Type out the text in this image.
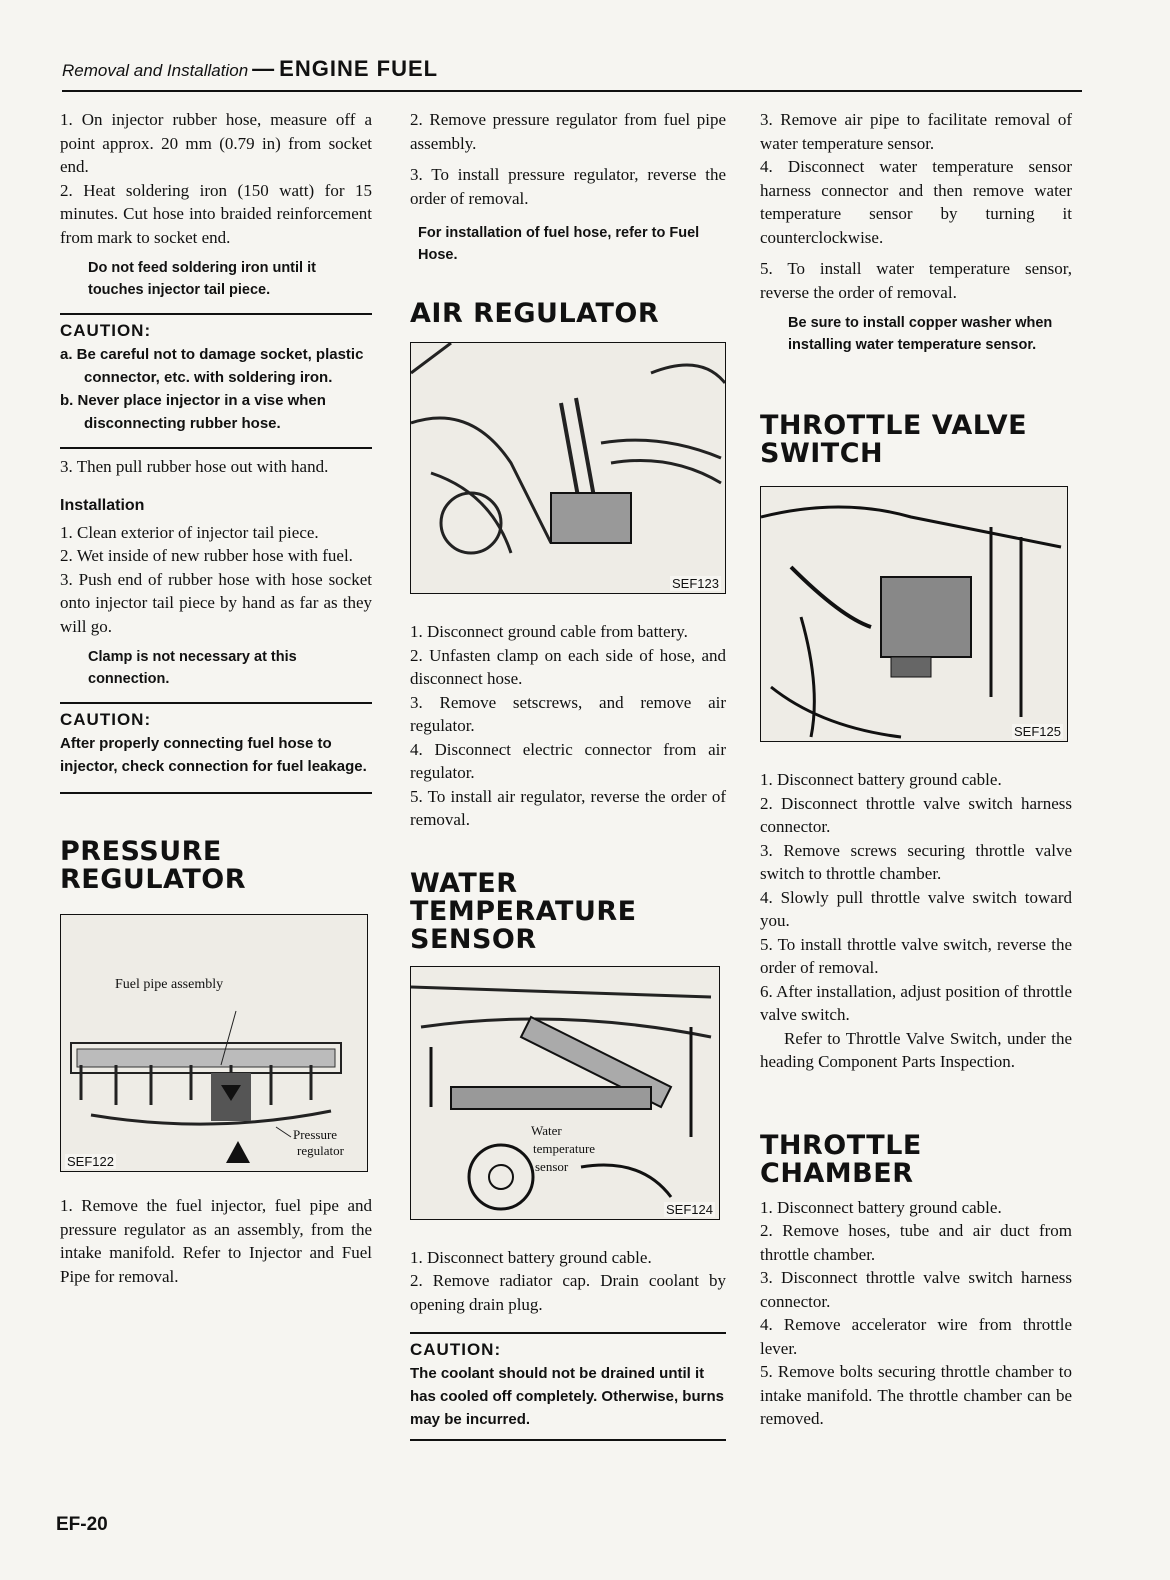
Removal and Installation — ENGINE FUEL

1. On injector rubber hose, measure off a point approx. 20 mm (0.79 in) from socket end.

2. Heat soldering iron (150 watt) for 15 minutes. Cut hose into braided reinforcement from mark to socket end.

Do not feed soldering iron until it touches injector tail piece.
CAUTION:
a. Be careful not to damage socket, plastic connector, etc. with soldering iron.
b. Never place injector in a vise when disconnecting rubber hose.

3. Then pull rubber hose out with hand.

Installation

1. Clean exterior of injector tail piece.

2. Wet inside of new rubber hose with fuel.

3. Push end of rubber hose with hose socket onto injector tail piece by hand as far as they will go.

Clamp is not necessary at this connection.
CAUTION:
After properly connecting fuel hose to injector, check connection for fuel leakage.
PRESSURE
REGULATOR
Fuel pipe assembly
Pressure
regulator
SEF122

1. Remove the fuel injector, fuel pipe and pressure regulator as an assembly, from the intake manifold. Refer to Injector and Fuel Pipe for removal.

2. Remove pressure regulator from fuel pipe assembly.

3. To install pressure regulator, reverse the order of removal.

For installation of fuel hose, refer to Fuel Hose.
AIR REGULATOR
SEF123

1. Disconnect ground cable from battery.

2. Unfasten clamp on each side of hose, and disconnect hose.

3. Remove setscrews, and remove air regulator.

4. Disconnect electric connector from air regulator.

5. To install air regulator, reverse the order of removal.

WATER
TEMPERATURE
SENSOR
Water
temperature
sensor
SEF124

1. Disconnect battery ground cable.

2. Remove radiator cap. Drain coolant by opening drain plug.

CAUTION:
The coolant should not be drained until it has cooled off completely. Otherwise, burns may be incurred.

3. Remove air pipe to facilitate removal of water temperature sensor.

4. Disconnect water temperature sensor harness connector and then remove water temperature sensor by turning it counterclockwise.

5. To install water temperature sensor, reverse the order of removal.

Be sure to install copper washer when installing water temperature sensor.
THROTTLE VALVE
SWITCH
SEF125

1. Disconnect battery ground cable.

2. Disconnect throttle valve switch harness connector.

3. Remove screws securing throttle valve switch to throttle chamber.

4. Slowly pull throttle valve switch toward you.

5. To install throttle valve switch, reverse the order of removal.

6. After installation, adjust position of throttle valve switch.

Refer to Throttle Valve Switch, under the heading Component Parts Inspection.

THROTTLE
CHAMBER

1. Disconnect battery ground cable.

2. Remove hoses, tube and air duct from throttle chamber.

3. Disconnect throttle valve switch harness connector.

4. Remove accelerator wire from throttle lever.

5. Remove bolts securing throttle chamber to intake manifold. The throttle chamber can be removed.

EF-20
